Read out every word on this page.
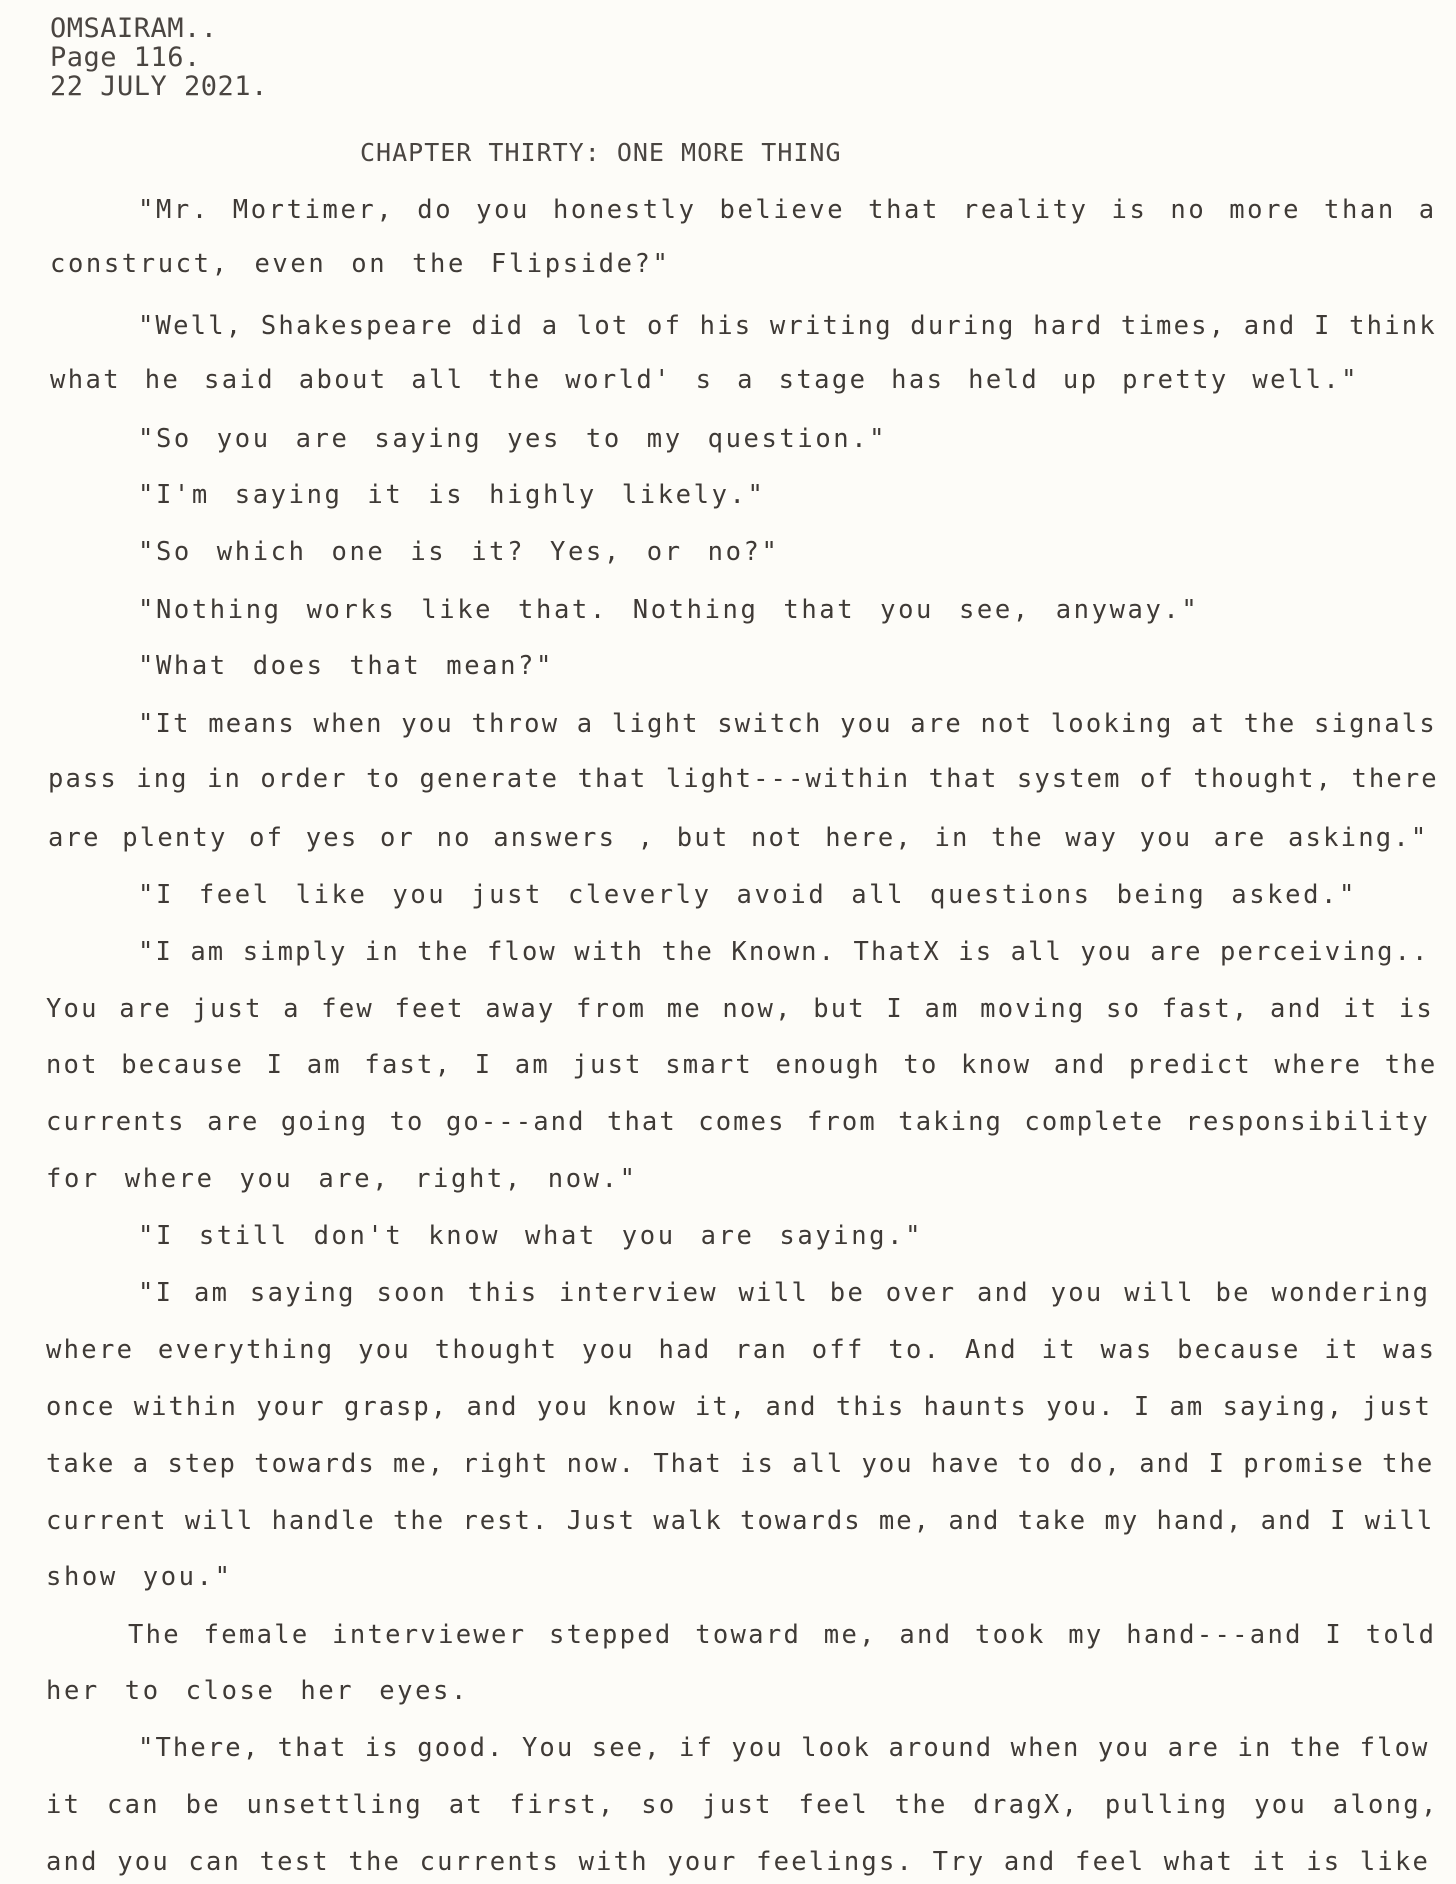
OMSAIRAM..
Page 116.
22 JULY 2021.
CHAPTER THIRTY: ONE MORE THING
"Mr. Mortimer, do you honestly believe that reality is no more than a
construct, even on the Flipside?"
"Well, Shakespeare did a lot of his writing during hard times, and I think
what he said about all the world' s a stage has held up pretty well."
"So you are saying yes to my question."
"I'm saying it is highly likely."
"So which one is it? Yes, or no?"
"Nothing works like that. Nothing that you see, anyway."
"What does that mean?"
"It means when you throw a light switch you are not looking at the signals
pass ing in order to generate that light---within that system of thought, there
are plenty of yes or no answers , but not here, in the way you are asking."
"I feel like you just cleverly avoid all questions being asked."
"I am simply in the flow with the Known. ThatX is all you are perceiving..
You are just a few feet away from me now, but I am moving so fast, and it is
not because I am fast, I am just smart enough to know and predict where the
currents are going to go---and that comes from taking complete responsibility
for where you are, right, now."
"I still don't know what you are saying."
"I am saying soon this interview will be over and you will be wondering
where everything you thought you had ran off to. And it was because it was
once within your grasp, and you know it, and this haunts you. I am saying, just
take a step towards me, right now. That is all you have to do, and I promise the
current will handle the rest. Just walk towards me, and take my hand, and I will
show you."
The female interviewer stepped toward me, and took my hand---and I told
her to close her eyes.
"There, that is good. You see, if you look around when you are in the flow
it can be unsettling at first, so just feel the dragX, pulling you along,
and you can test the currents with your feelings. Try and feel what it is like
